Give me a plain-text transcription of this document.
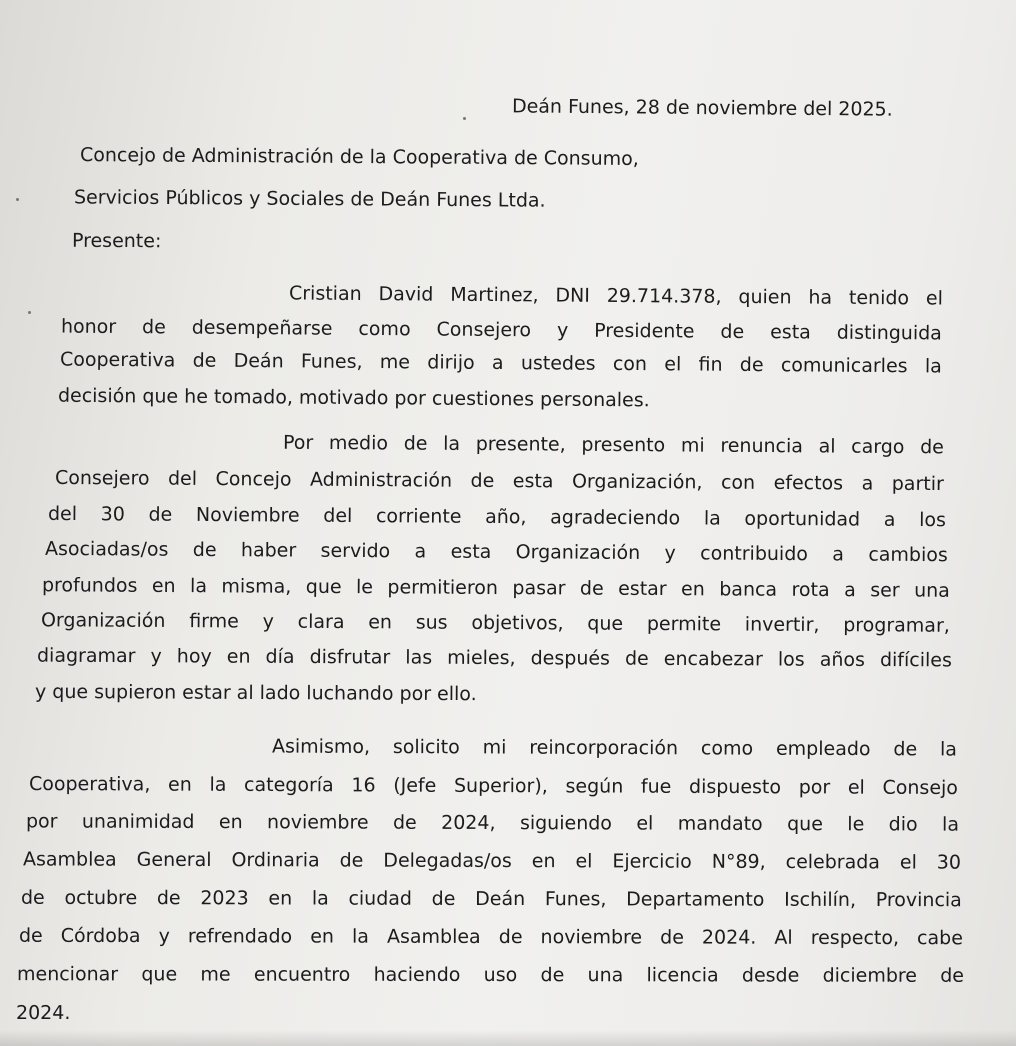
Deán Funes, 28 de noviembre del 2025.
Concejo de Administración de la Cooperativa de Consumo,
Servicios Públicos y Sociales de Deán Funes Ltda.
Presente:
Cristian David Martinez, DNI 29.714.378, quien ha tenido el
honor de desempeñarse como Consejero y Presidente de esta distinguida
Cooperativa de Deán Funes, me dirijo a ustedes con el fin de comunicarles la
decisión que he tomado, motivado por cuestiones personales.
Por medio de la presente, presento mi renuncia al cargo de
Consejero del Concejo Administración de esta Organización, con efectos a partir
del 30 de Noviembre del corriente año, agradeciendo la oportunidad a los
Asociadas/os de haber servido a esta Organización y contribuido a cambios
profundos en la misma, que le permitieron pasar de estar en banca rota a ser una
Organización firme y clara en sus objetivos, que permite invertir, programar,
diagramar y hoy en día disfrutar las mieles, después de encabezar los años difíciles
y que supieron estar al lado luchando por ello.
Asimismo, solicito mi reincorporación como empleado de la
Cooperativa, en la categoría 16 (Jefe Superior), según fue dispuesto por el Consejo
por unanimidad en noviembre de 2024, siguiendo el mandato que le dio la
Asamblea General Ordinaria de Delegadas/os en el Ejercicio N°89, celebrada el 30
de octubre de 2023 en la ciudad de Deán Funes, Departamento Ischilín, Provincia
de Córdoba y refrendado en la Asamblea de noviembre de 2024. Al respecto, cabe
mencionar que me encuentro haciendo uso de una licencia desde diciembre de
2024.
